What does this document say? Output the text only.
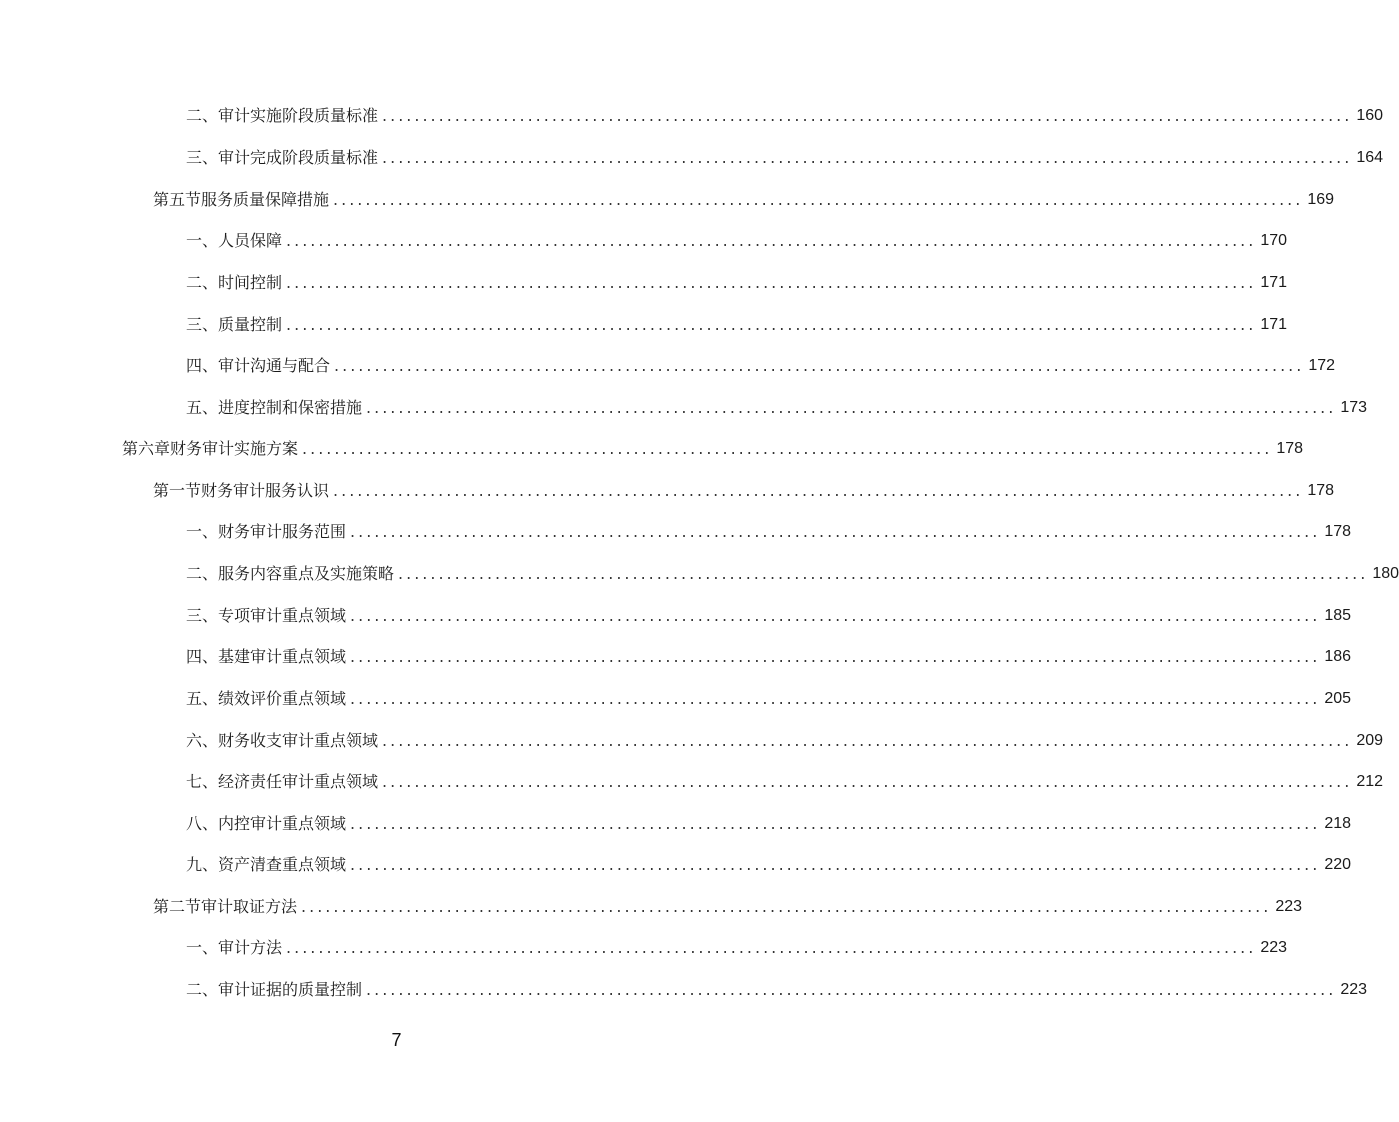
二、审计实施阶段质量标准 ........................................................................................................................ 160
三、审计完成阶段质量标准 ........................................................................................................................ 164
第五节 服务质量保障措施 ........................................................................................................................ 169
一、人员保障 ........................................................................................................................ 170
二、时间控制 ........................................................................................................................ 171
三、质量控制 ........................................................................................................................ 171
四、审计沟通与配合 ........................................................................................................................ 172
五、进度控制和保密措施 ........................................................................................................................ 173
第六章 财务审计实施方案 ........................................................................................................................ 178
第一节 财务审计服务认识 ........................................................................................................................ 178
一、财务审计服务范围 ........................................................................................................................ 178
二、服务内容重点及实施策略 ........................................................................................................................ 180
三、专项审计重点领域 ........................................................................................................................ 185
四、基建审计重点领域 ........................................................................................................................ 186
五、绩效评价重点领域 ........................................................................................................................ 205
六、财务收支审计重点领域 ........................................................................................................................ 209
七、经济责任审计重点领域 ........................................................................................................................ 212
八、内控审计重点领域 ........................................................................................................................ 218
九、资产清查重点领域 ........................................................................................................................ 220
第二节 审计取证方法 ........................................................................................................................ 223
一、审计方法 ........................................................................................................................ 223
二、审计证据的质量控制 ........................................................................................................................ 223
7
